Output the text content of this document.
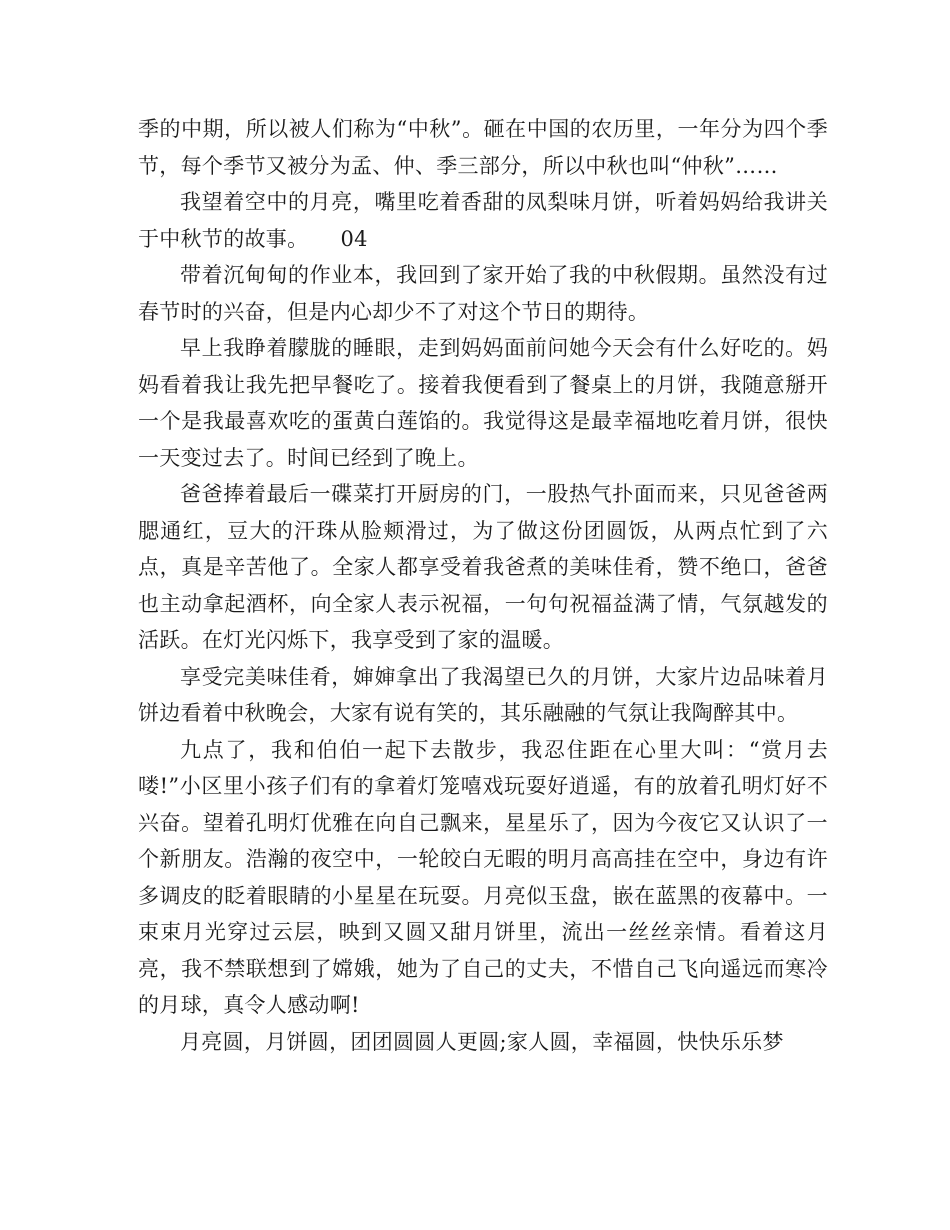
季的中期，所以被人们称为“中秋”。砸在中国的农历里，一年分为四个季节，每个季节又被分为孟、仲、季三部分，所以中秋也叫“仲秋”……

我望着空中的月亮，嘴里吃着香甜的凤梨味月饼，听着妈妈给我讲关于中秋节的故事。　　04

带着沉甸甸的作业本，我回到了家开始了我的中秋假期。虽然没有过春节时的兴奋，但是内心却少不了对这个节日的期待。

早上我睁着朦胧的睡眼，走到妈妈面前问她今天会有什么好吃的。妈妈看着我让我先把早餐吃了。接着我便看到了餐桌上的月饼，我随意掰开一个是我最喜欢吃的蛋黄白莲馅的。我觉得这是最幸福地吃着月饼，很快一天变过去了。时间已经到了晚上。

爸爸捧着最后一碟菜打开厨房的门，一股热气扑面而来，只见爸爸两腮通红，豆大的汗珠从脸颊滑过，为了做这份团圆饭，从两点忙到了六点，真是辛苦他了。全家人都享受着我爸煮的美味佳肴，赞不绝口，爸爸也主动拿起酒杯，向全家人表示祝福，一句句祝福益满了情，气氛越发的活跃。在灯光闪烁下，我享受到了家的温暖。

享受完美味佳肴，婶婶拿出了我渴望已久的月饼，大家片边品味着月饼边看着中秋晚会，大家有说有笑的，其乐融融的气氛让我陶醉其中。

九点了，我和伯伯一起下去散步，我忍住距在心里大叫：“赏月去喽!”小区里小孩子们有的拿着灯笼嘻戏玩耍好逍遥，有的放着孔明灯好不兴奋。望着孔明灯优雅在向自己飘来，星星乐了，因为今夜它又认识了一个新朋友。浩瀚的夜空中，一轮皎白无暇的明月高高挂在空中，身边有许多调皮的眨着眼睛的小星星在玩耍。月亮似玉盘，嵌在蓝黑的夜幕中。一束束月光穿过云层，映到又圆又甜月饼里，流出一丝丝亲情。看着这月亮，我不禁联想到了嫦娥，她为了自己的丈夫，不惜自己飞向遥远而寒冷的月球，真令人感动啊!

月亮圆，月饼圆，团团圆圆人更圆;家人圆，幸福圆，快快乐乐梦
